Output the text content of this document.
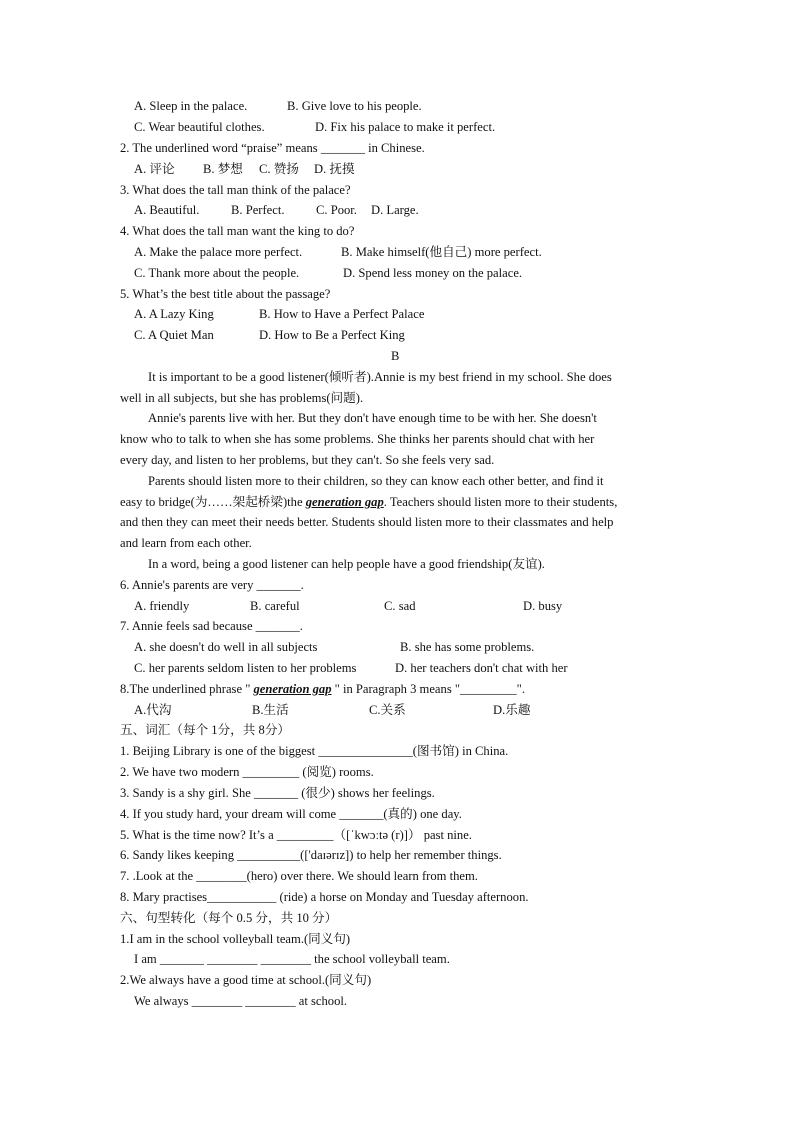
A. Sleep in the palace.	B. Give love to his people.
C. Wear beautiful clothes.	D. Fix his palace to make it perfect.
2. The underlined word “praise” means _______ in Chinese.
A. 评论 B. 梦想 C. 赞扬 D. 抚摸
3. What does the tall man think of the palace?
A. Beautiful.	B. Perfect. C. Poor. D. Large.
4. What does the tall man want the king to do?
A. Make the palace more perfect.	B. Make himself(他自己) more perfect.
C. Thank more about the people.	D. Spend less money on the palace.
5. What’s the best title about the passage?
A. A Lazy King	B. How to Have a Perfect Palace
C. A Quiet Man	D. How to Be a Perfect King
B
It is important to be a good listener(倾听者).Annie is my best friend in my school. She does
well in all subjects, but she has problems(问题).
Annie's parents live with her. But they don't have enough time to be with her. She doesn't
know who to talk to when she has some problems. She thinks her parents should chat with her
every day, and listen to her problems, but they can't. So she feels very sad.
Parents should listen more to their children, so they can know each other better, and find it
easy to bridge(为……架起桥梁)the generation gap. Teachers should listen more to their students,
and then they can meet their needs better. Students should listen more to their classmates and help
and learn from each other.
In a word, being a good listener can help people have a good friendship(友谊).
6. Annie's parents are very _______.
A. friendly	B. careful	C. sad	D. busy
7. Annie feels sad because _______.
A. she doesn't do well in all subjects	B. she has some problems.
C. her parents seldom listen to her problems	D. her teachers don't chat with her
8.The underlined phrase " generation gap " in Paragraph 3 means "_________".
A.代沟	B.生活	C.关系	D.乐趣
五、词汇（每个 1分，共 8分）
1. Beijing Library is one of the biggest _______________(图书馆) in China.
2. We have two modern _________ (阅览) rooms.
3. Sandy is a shy girl. She _______ (很少) shows her feelings.
4. If you study hard, your dream will come _______(真的) one day.
5. What is the time now? It’s a _________（[ˈkwɔːtə (r)]） past nine.
6. Sandy likes keeping __________(['daɪərɪz]) to help her remember things.
7. .Look at the ________(hero) over there. We should learn from them.
8. Mary practises___________ (ride) a horse on Monday and Tuesday afternoon.
六、句型转化（每个 0.5 分，共 10 分）
1.I am in the school volleyball team.(同义句)
I am _______ ________ ________ the school volleyball team.
2.We always have a good time at school.(同义句)
We always ________ ________ at school.
